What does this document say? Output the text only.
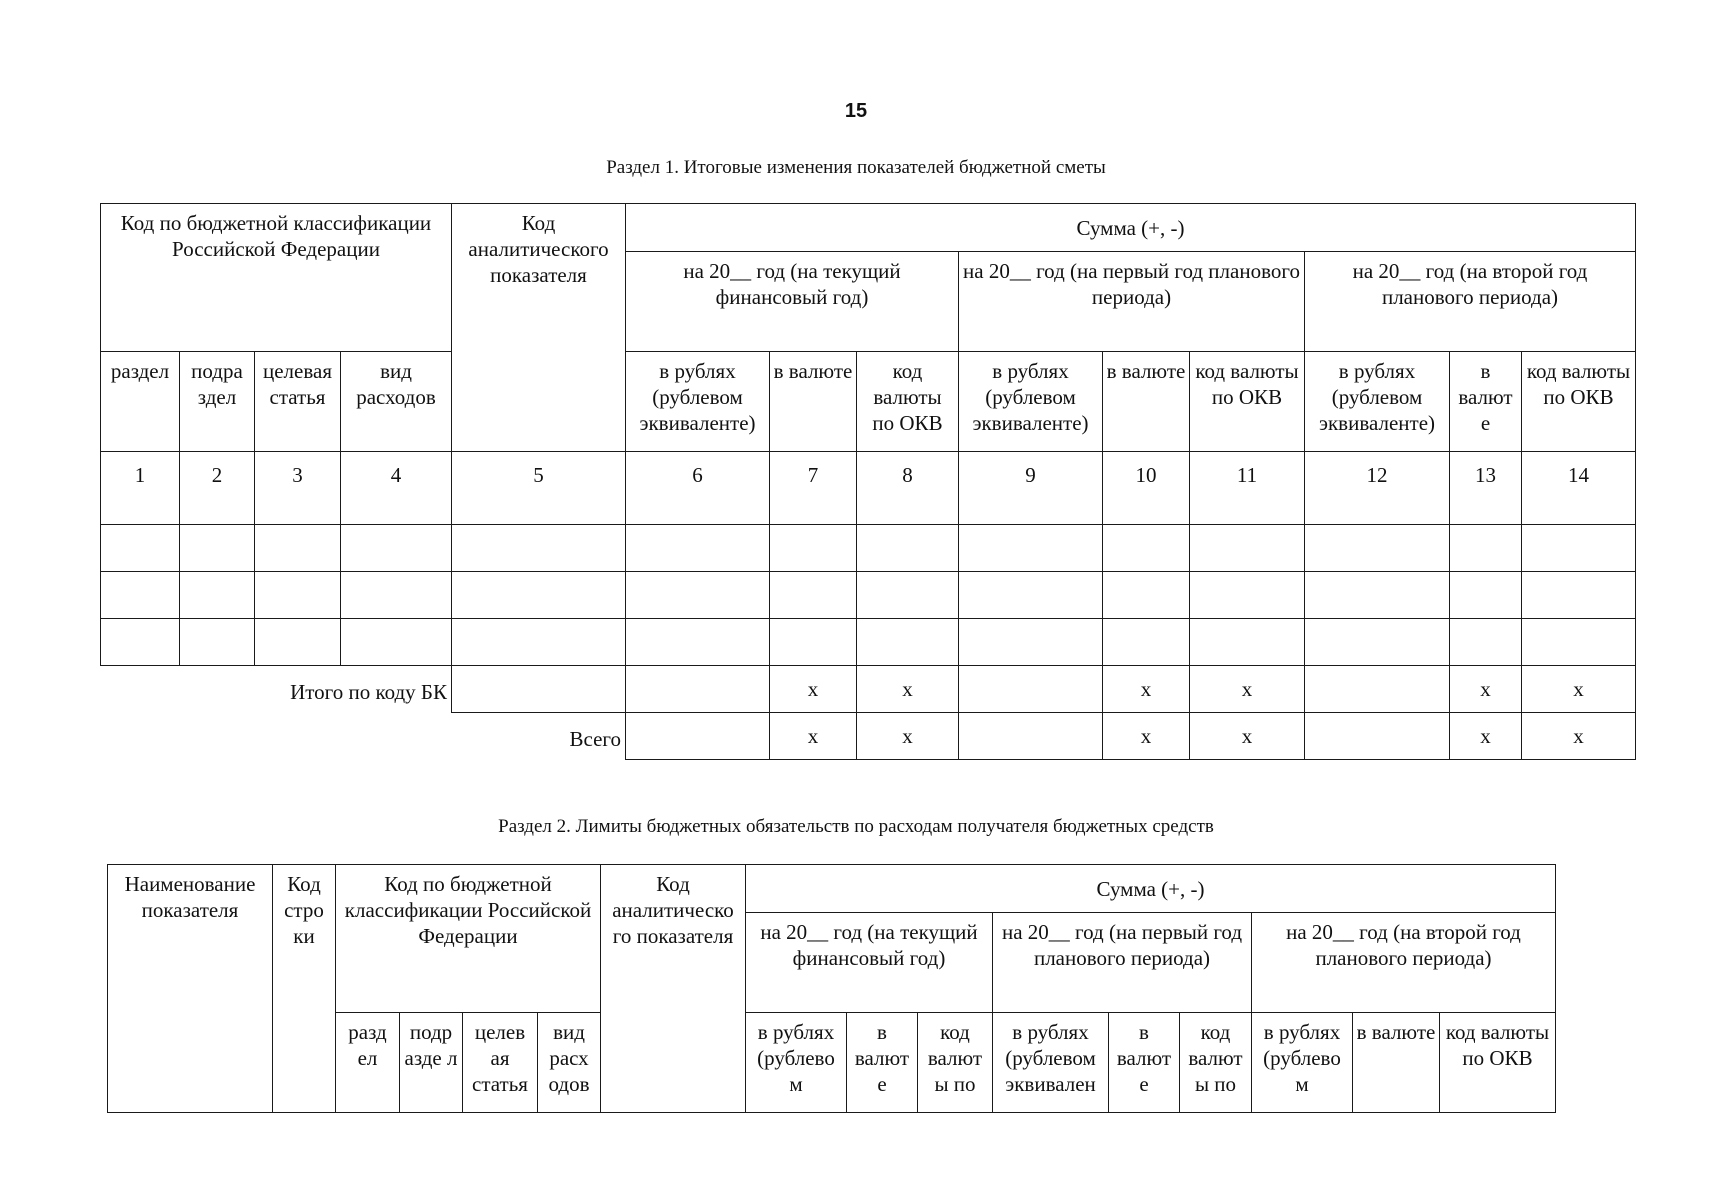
15
Раздел 1. Итоговые изменения показателей бюджетной сметы
Код по бюджетной классификации Российской Федерации				Код аналитического показателя	Сумма (+, -)								
					на 20__ год (на текущий финансовый год)			на 20__ год (на первый год планового периода)			на 20__ год (на второй год планового периода)		
раздел	подра здел	целевая статья	вид расходов		в рублях (рублевом эквиваленте)	в валюте	код валюты по ОКВ	в рублях (рублевом эквиваленте)	в валюте	код валюты по ОКВ	в рублях (рублевом эквиваленте)	в валют е	код валюты по ОКВ
1	2	3	4	5	6	7	8	9	10	11	12	13	14

Итого по коду БК						x	x		x	x		x	x
Всего						x	x		x	x		x	x
Раздел 2. Лимиты бюджетных обязательств по расходам получателя бюджетных средств
Наименование показателя	Код стро ки	Код по бюджетной классификации Российской Федерации				Код аналитическо го показателя	Сумма (+, -)								
							на 20__ год (на текущий финансовый год)			на 20__ год (на первый год планового периода)			на 20__ год (на второй год планового периода)		
		разд ел	подр азде л	целев ая статья	вид расх одов		в рублях (рублево м	в валют е	код валют ы по	в рублях (рублевом эквивален	в валют е	код валют ы по	в рублях (рублево м	в валюте	код валюты по ОКВ
